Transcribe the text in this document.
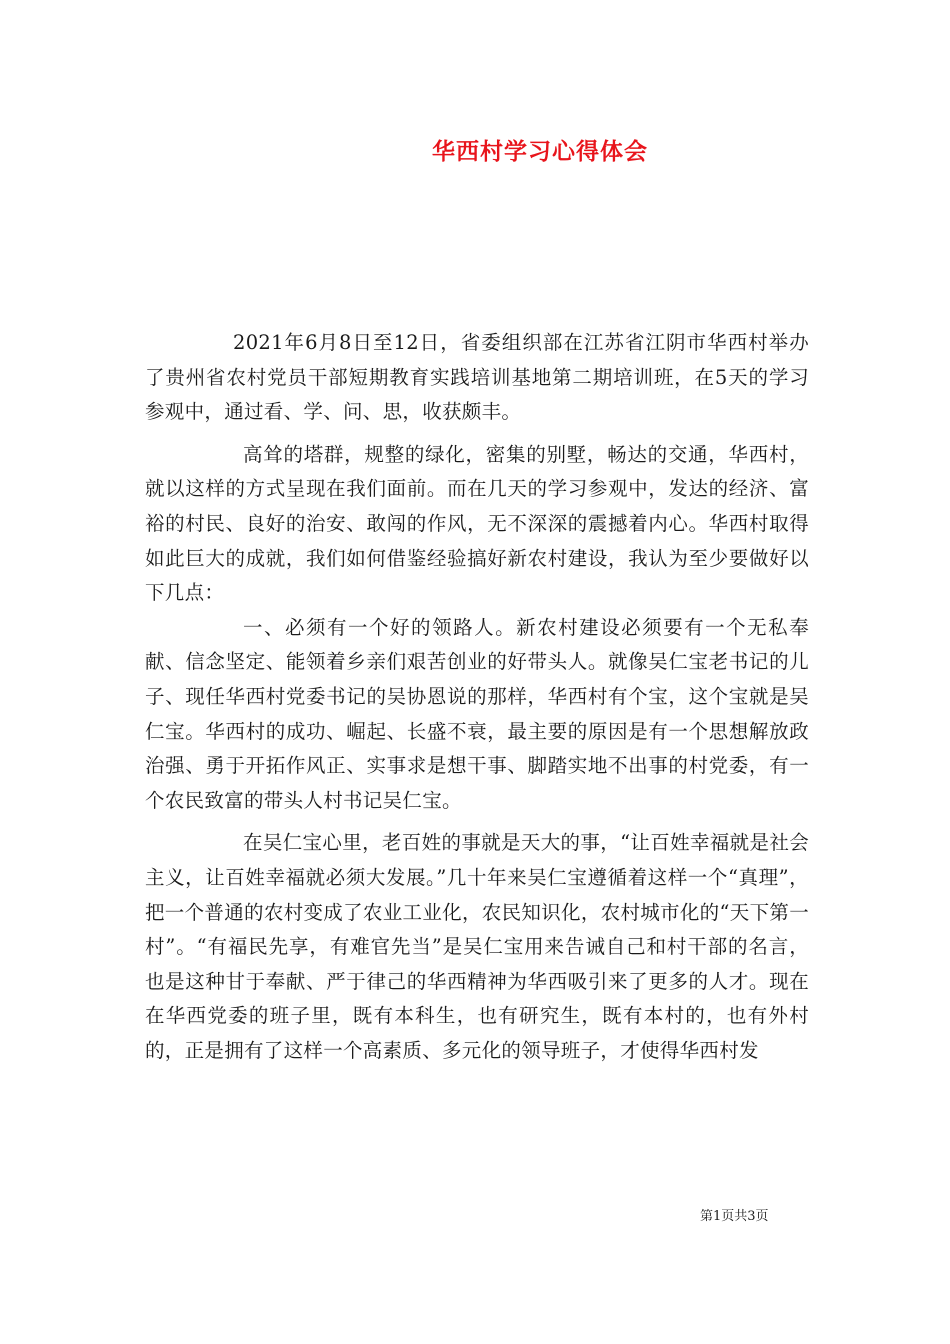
华西村学习心得体会

2021年6月8日至12日，省委组织部在江苏省江阴市华西村举办了贵州省农村党员干部短期教育实践培训基地第二期培训班，在5天的学习参观中，通过看、学、问、思，收获颇丰。

高耸的塔群，规整的绿化，密集的别墅，畅达的交通，华西村，就以这样的方式呈现在我们面前。而在几天的学习参观中，发达的经济、富裕的村民、良好的治安、敢闯的作风，无不深深的震撼着内心。华西村取得如此巨大的成就，我们如何借鉴经验搞好新农村建设，我认为至少要做好以下几点：

一、必须有一个好的领路人。新农村建设必须要有一个无私奉献、信念坚定、能领着乡亲们艰苦创业的好带头人。就像吴仁宝老书记的儿子、现任华西村党委书记的吴协恩说的那样，华西村有个宝，这个宝就是吴仁宝。华西村的成功、崛起、长盛不衰，最主要的原因是有一个思想解放政治强、勇于开拓作风正、实事求是想干事、脚踏实地不出事的村党委，有一个农民致富的带头人村书记吴仁宝。

在吴仁宝心里，老百姓的事就是天大的事，“让百姓幸福就是社会主义，让百姓幸福就必须大发展。”几十年来吴仁宝遵循着这样一个“真理”，把一个普通的农村变成了农业工业化，农民知识化，农村城市化的“天下第一村”。“有福民先享，有难官先当”是吴仁宝用来告诫自己和村干部的名言，也是这种甘于奉献、严于律己的华西精神为华西吸引来了更多的人才。现在在华西党委的班子里，既有本科生，也有研究生，既有本村的，也有外村的，正是拥有了这样一个高素质、多元化的领导班子，才使得华西村发

第1页共3页
